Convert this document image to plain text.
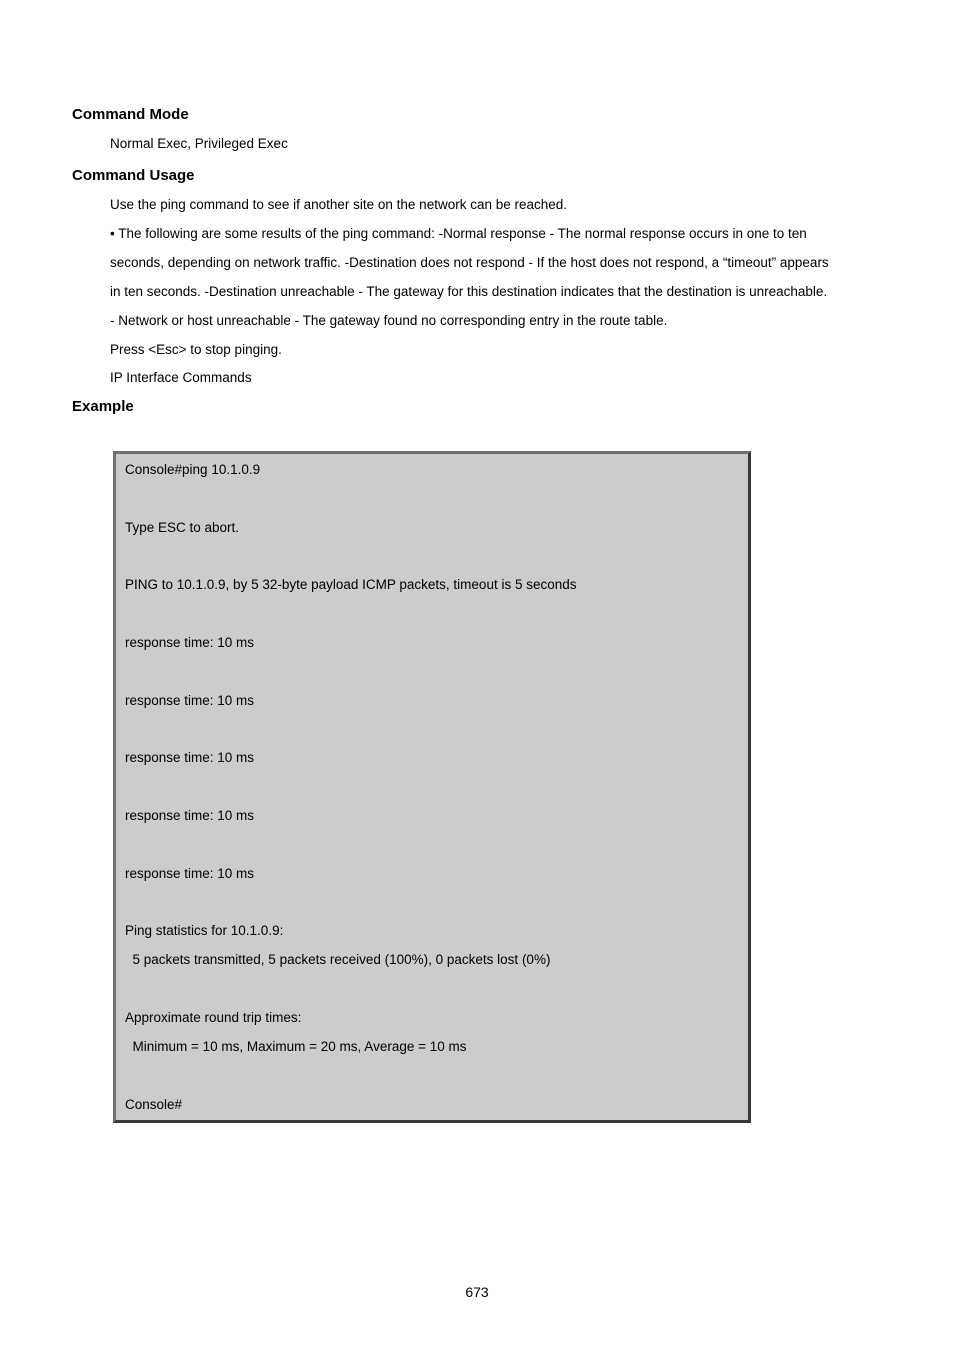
Command Mode
Normal Exec, Privileged Exec
Command Usage
Use the ping command to see if another site on the network can be reached.
• The following are some results of the ping command: -Normal response - The normal response occurs in one to ten
seconds, depending on network traffic. -Destination does not respond - If the host does not respond, a “timeout” appears
in ten seconds. -Destination unreachable - The gateway for this destination indicates that the destination is unreachable.
- Network or host unreachable - The gateway found no corresponding entry in the route table.
Press <Esc> to stop pinging.
IP Interface Commands
Example
Console#ping 10.1.0.9
Type ESC to abort.
PING to 10.1.0.9, by 5 32-byte payload ICMP packets, timeout is 5 seconds
response time: 10 ms
response time: 10 ms
response time: 10 ms
response time: 10 ms
response time: 10 ms
Ping statistics for 10.1.0.9:
5 packets transmitted, 5 packets received (100%), 0 packets lost (0%)
Approximate round trip times:
Minimum = 10 ms, Maximum = 20 ms, Average = 10 ms
Console#
673
